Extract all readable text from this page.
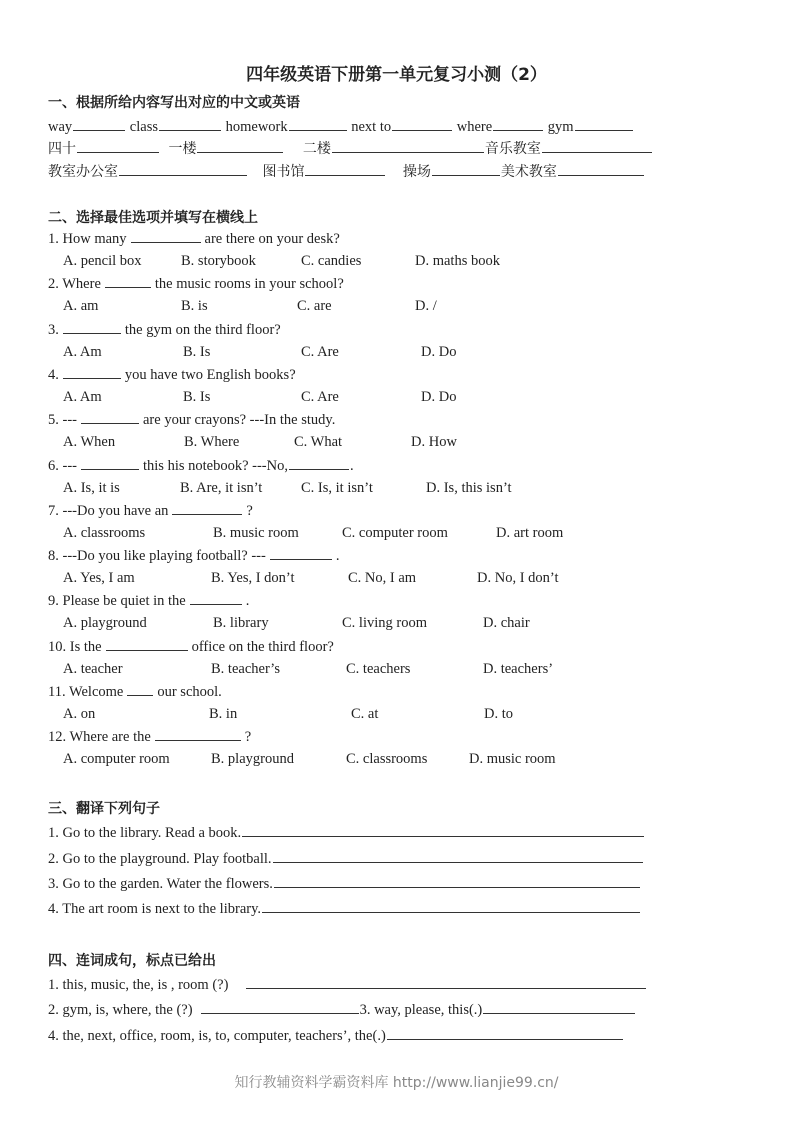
四年级英语下册第一单元复习小测（2）
一、根据所给内容写出对应的中文或英语
way	class	homework	next to	where	gym
四十	一楼	二楼	音乐教室
教室办公室	图书馆	操场	美术教室
二、选择最佳选项并填写在横线上
1. How many	are there on your desk?
A. pencil box	B. storybook	C. candies	D. maths book
2. Where	the music rooms in your school?
A. am	B. is	C. are	D. /
3.	the gym on the third floor?
A. Am	B. Is	C. Are	D. Do
4.	you have two English books?
A. Am	B. Is	C. Are	D. Do
5. ---	are your crayons? ---In the study.
A. When	B. Where	C. What	D. How
6. ---	this his notebook? ---No,	.
A. Is, it is	B. Are, it isn’t	C. Is, it isn’t	D. Is, this isn’t
7. ---Do you have an	?
A. classrooms	B. music room	C. computer room	D. art room
8. ---Do you like playing football? ---	.
A. Yes, I am	B. Yes, I don’t	C. No, I am	D. No, I don’t
9. Please be quiet in the	.
A. playground	B. library	C. living room	D. chair
10. Is the	office on the third floor?
A. teacher	B. teacher’s	C. teachers	D. teachers’
11. Welcome our school.
A. on	B. in	C. at	D. to
12. Where are the	?
A. computer room	B. playground	C. classrooms	D. music room
三、翻译下列句子
1. Go to the library. Read a book.
2. Go to the playground. Play football.
3. Go to the garden. Water the flowers.
4. The art room is next to the library.
四、连词成句，标点已给出
1. this, music, the, is , room (?)
2. gym, is, where, the (?)	3. way, please, this(.)
4. the, next, office, room, is, to, computer, teachers’, the(.)
知行教辅资料学霸资料库 http://www.lianjie99.cn/
